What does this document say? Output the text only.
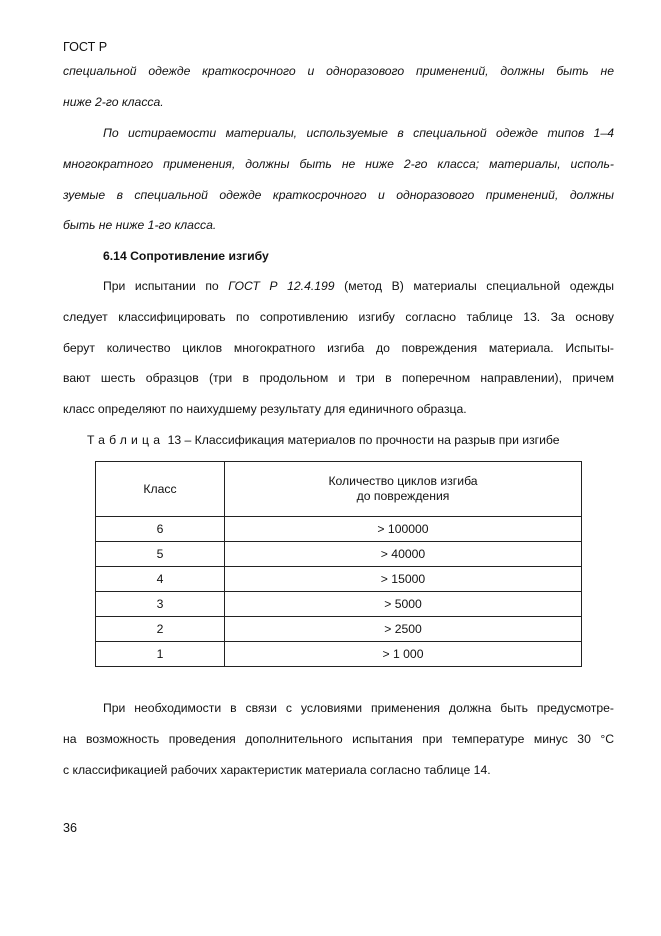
ГОСТ Р
специальной одежде краткосрочного и одноразового применений, должны быть не
ниже 2-го класса.
По истираемости материалы, используемые в специальной одежде типов 1–4
многократного применения, должны быть не ниже 2-го класса; материалы, исполь-
зуемые в специальной одежде краткосрочного и одноразового применений, должны
быть не ниже 1-го класса.
6.14 Сопротивление изгибу
При испытании по ГОСТ Р 12.4.199 (метод В) материалы специальной одежды
следует классифицировать по сопротивлению изгибу согласно таблице 13. За основу
берут количество циклов многократного изгиба до повреждения материала. Испыты-
вают шесть образцов (три в продольном и три в поперечном направлении), причем
класс определяют по наихудшему результату для единичного образца.
Таблица 13 – Классификация материалов по прочности на разрыв при изгибе
Класс	Количество циклов изгиба
до повреждения
6	> 100000
5	> 40000
4	> 15000
3	> 5000
2	> 2500
1	> 1 000
При необходимости в связи с условиями применения должна быть предусмотре-
на возможность проведения дополнительного испытания при температуре минус 30 °С
с классификацией рабочих характеристик материала согласно таблице 14.
36
